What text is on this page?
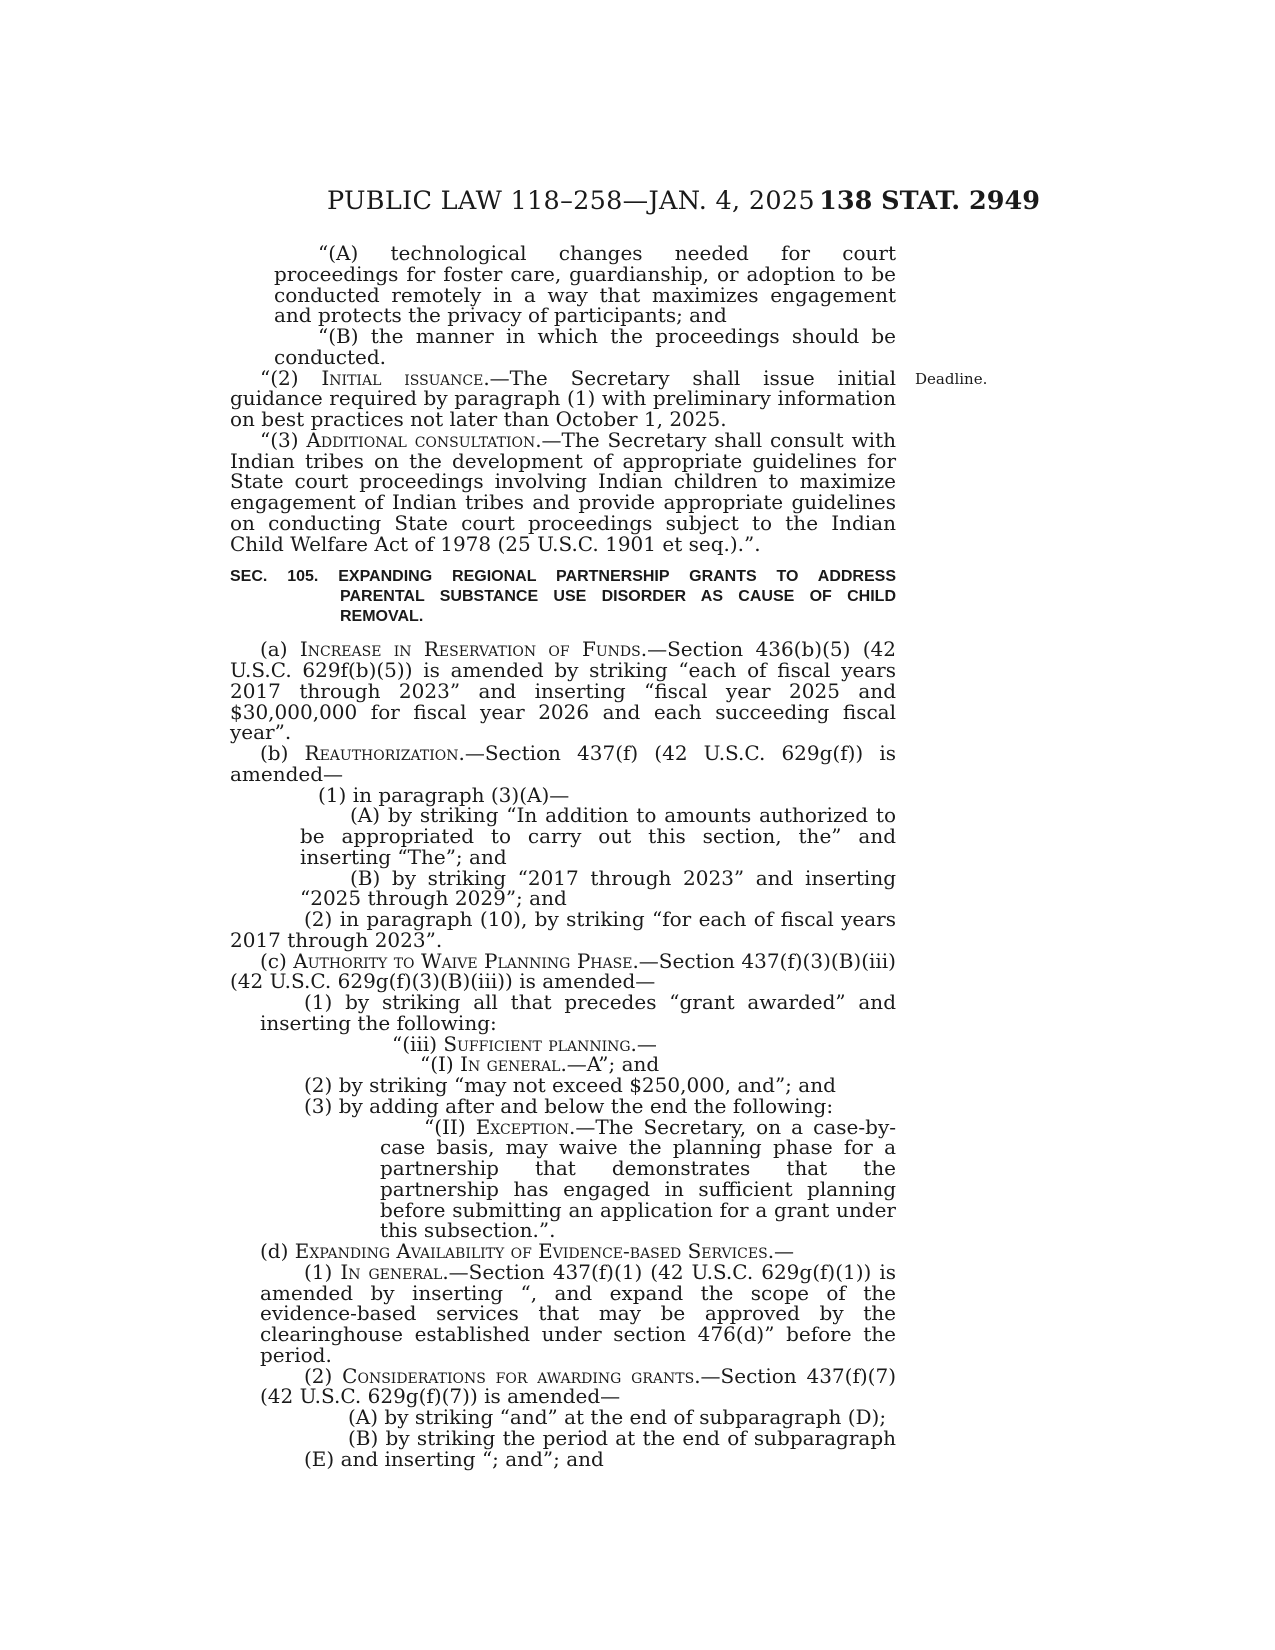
PUBLIC LAW 118–258—JAN. 4, 2025 138 STAT. 2949
Deadline.

“(A) technological changes needed for court proceedings for foster care, guardianship, or adoption to be conducted remotely in a way that maximizes engagement and protects the privacy of participants; and

“(B) the manner in which the proceedings should be conducted.

“(2) Initial issuance.—The Secretary shall issue initial guidance required by paragraph (1) with preliminary information on best practices not later than October 1, 2025.

“(3) Additional consultation.—The Secretary shall consult with Indian tribes on the development of appropriate guidelines for State court proceedings involving Indian children to maximize engagement of Indian tribes and provide appropriate guidelines on conducting State court proceedings subject to the Indian Child Welfare Act of 1978 (25 U.S.C. 1901 et seq.).”.

SEC. 105. EXPANDING REGIONAL PARTNERSHIP GRANTS TO ADDRESS
PARENTAL SUBSTANCE USE DISORDER AS CAUSE OF CHILD REMOVAL.

(a) Increase in Reservation of Funds.—Section 436(b)(5) (42 U.S.C. 629f(b)(5)) is amended by striking “each of fiscal years 2017 through 2023” and inserting “fiscal year 2025 and $30,000,000 for fiscal year 2026 and each succeeding fiscal year”.

(b) Reauthorization.—Section 437(f) (42 U.S.C. 629g(f)) is amended—

(1) in paragraph (3)(A)—

(A) by striking “In addition to amounts authorized to be appropriated to carry out this section, the” and inserting “The”; and

(B) by striking “2017 through 2023” and inserting “2025 through 2029”; and

(2) in paragraph (10), by striking “for each of fiscal years 2017 through 2023”.

(c) Authority to Waive Planning Phase.—Section 437(f)(3)(B)(iii) (42 U.S.C. 629g(f)(3)(B)(iii)) is amended—

(1) by striking all that precedes “grant awarded” and inserting the following:

“(iii) Sufficient planning.—

“(I) In general.—A”; and

(2) by striking “may not exceed $250,000, and”; and

(3) by adding after and below the end the following:

“(II) Exception.—The Secretary, on a case-by-case basis, may waive the planning phase for a partnership that demonstrates that the partnership has engaged in sufficient planning before submitting an application for a grant under this subsection.”.

(d) Expanding Availability of Evidence-based Services.—

(1) In general.—Section 437(f)(1) (42 U.S.C. 629g(f)(1)) is amended by inserting “, and expand the scope of the evidence-based services that may be approved by the clearinghouse established under section 476(d)” before the period.

(2) Considerations for awarding grants.—Section 437(f)(7) (42 U.S.C. 629g(f)(7)) is amended—

(A) by striking “and” at the end of subparagraph (D);

(B) by striking the period at the end of subparagraph (E) and inserting “; and”; and
